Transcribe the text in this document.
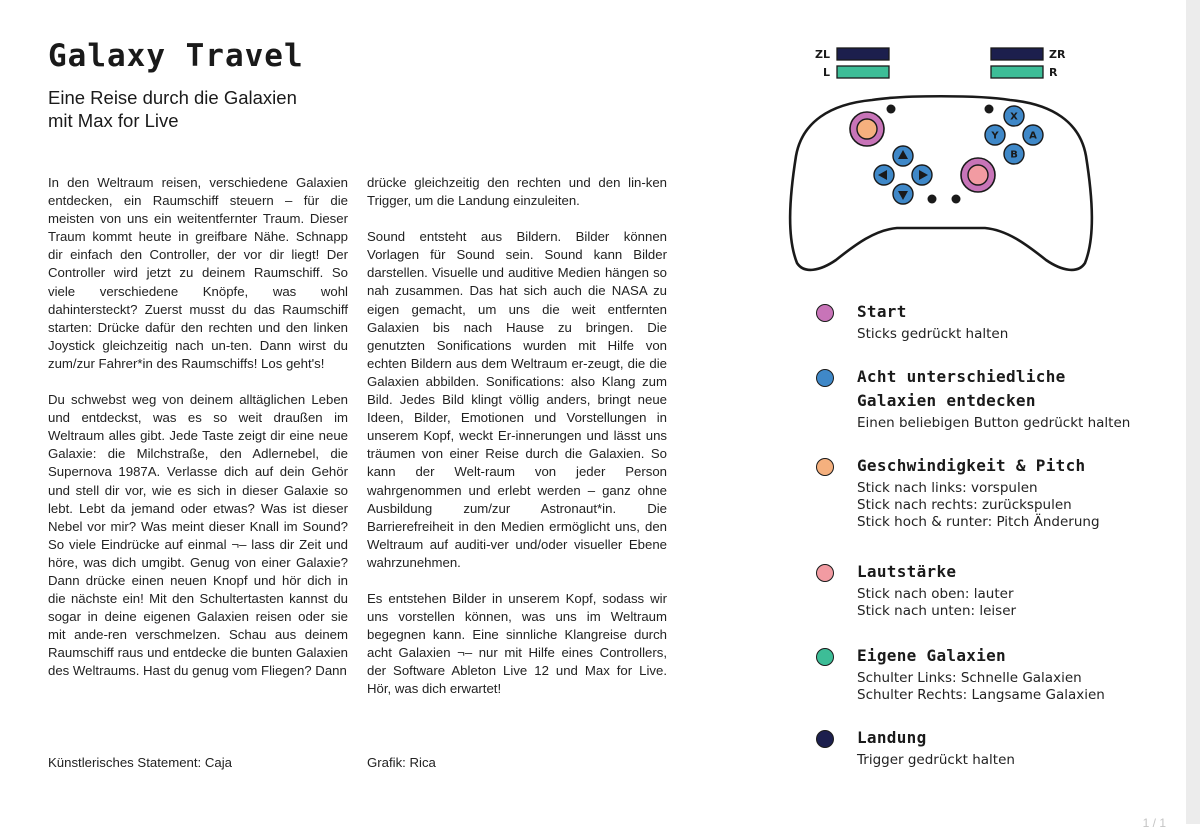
Galaxy Travel
Eine Reise durch die Galaxien
mit Max for Live

In den Weltraum reisen, verschiedene Galaxien entdecken, ein Raumschiff steuern – für die meisten von uns ein weitentfernter Traum. Dieser Traum kommt heute in greifbare Nähe. Schnapp dir einfach den Controller, der vor dir liegt! Der Controller wird jetzt zu deinem Raumschiff. So viele verschiedene Knöpfe, was wohl dahintersteckt? Zuerst musst du das Raumschiff starten: Drücke dafür den rechten und den linken Joystick gleichzeitig nach un-ten. Dann wirst du zum/zur Fahrer*in des Raumschiffs! Los geht's!

Du schwebst weg von deinem alltäglichen Leben und entdeckst, was es so weit draußen im Weltraum alles gibt. Jede Taste zeigt dir eine neue Galaxie: die Milchstraße, den Adlernebel, die Supernova 1987A. Verlasse dich auf dein Gehör und stell dir vor, wie es sich in dieser Galaxie so lebt. Lebt da jemand oder etwas? Was ist dieser Nebel vor mir? Was meint dieser Knall im Sound? So viele Eindrücke auf einmal ¬– lass dir Zeit und höre, was dich umgibt. Genug von einer Galaxie? Dann drücke einen neuen Knopf und hör dich in die nächste ein! Mit den Schultertasten kannst du sogar in deine eigenen Galaxien reisen oder sie mit ande-ren verschmelzen. Schau aus deinem Raumschiff raus und entdecke die bunten Galaxien des Weltraums. Hast du genug vom Fliegen? Dann

drücke gleichzeitig den rechten und den lin-ken Trigger, um die Landung einzuleiten.

Sound entsteht aus Bildern. Bilder können Vorlagen für Sound sein. Sound kann Bilder darstellen. Visuelle und auditive Medien hängen so nah zusammen. Das hat sich auch die NASA zu eigen gemacht, um uns die weit entfernten Galaxien bis nach Hause zu bringen. Die genutzten Sonifications wurden mit Hilfe von echten Bildern aus dem Weltraum er-zeugt, die die Galaxien abbilden. Sonifications: also Klang zum Bild. Jedes Bild klingt völlig anders, bringt neue Ideen, Bilder, Emotionen und Vorstellungen in unserem Kopf, weckt Er-innerungen und lässt uns träumen von einer Reise durch die Galaxien. So kann der Welt-raum von jeder Person wahrgenommen und erlebt werden – ganz ohne Ausbildung zum/zur Astronaut*in. Die Barrierefreiheit in den Medien ermöglicht uns, den Weltraum auf auditi-ver und/oder visueller Ebene wahrzunehmen.

Es entstehen Bilder in unserem Kopf, sodass wir uns vorstellen können, was uns im Weltraum begegnen kann. Eine sinnliche Klangreise durch acht Galaxien ¬– nur mit Hilfe eines Controllers, der Software Ableton Live 12 und Max for Live. Hör, was dich erwartet!

Künstlerisches Statement: Caja	Grafik: Rica
ZL
L
ZR
R
X
Y	A
B
Start
Sticks gedrückt halten
Acht unterschiedliche
Galaxien entdecken
Einen beliebigen Button gedrückt halten
Geschwindigkeit & Pitch
Stick nach links: vorspulen
Stick nach rechts: zurückspulen
Stick hoch & runter: Pitch Änderung
Lautstärke
Stick nach oben: lauter
Stick nach unten: leiser
Eigene Galaxien
Schulter Links: Schnelle Galaxien
Schulter Rechts: Langsame Galaxien
Landung
Trigger gedrückt halten
1 / 1
